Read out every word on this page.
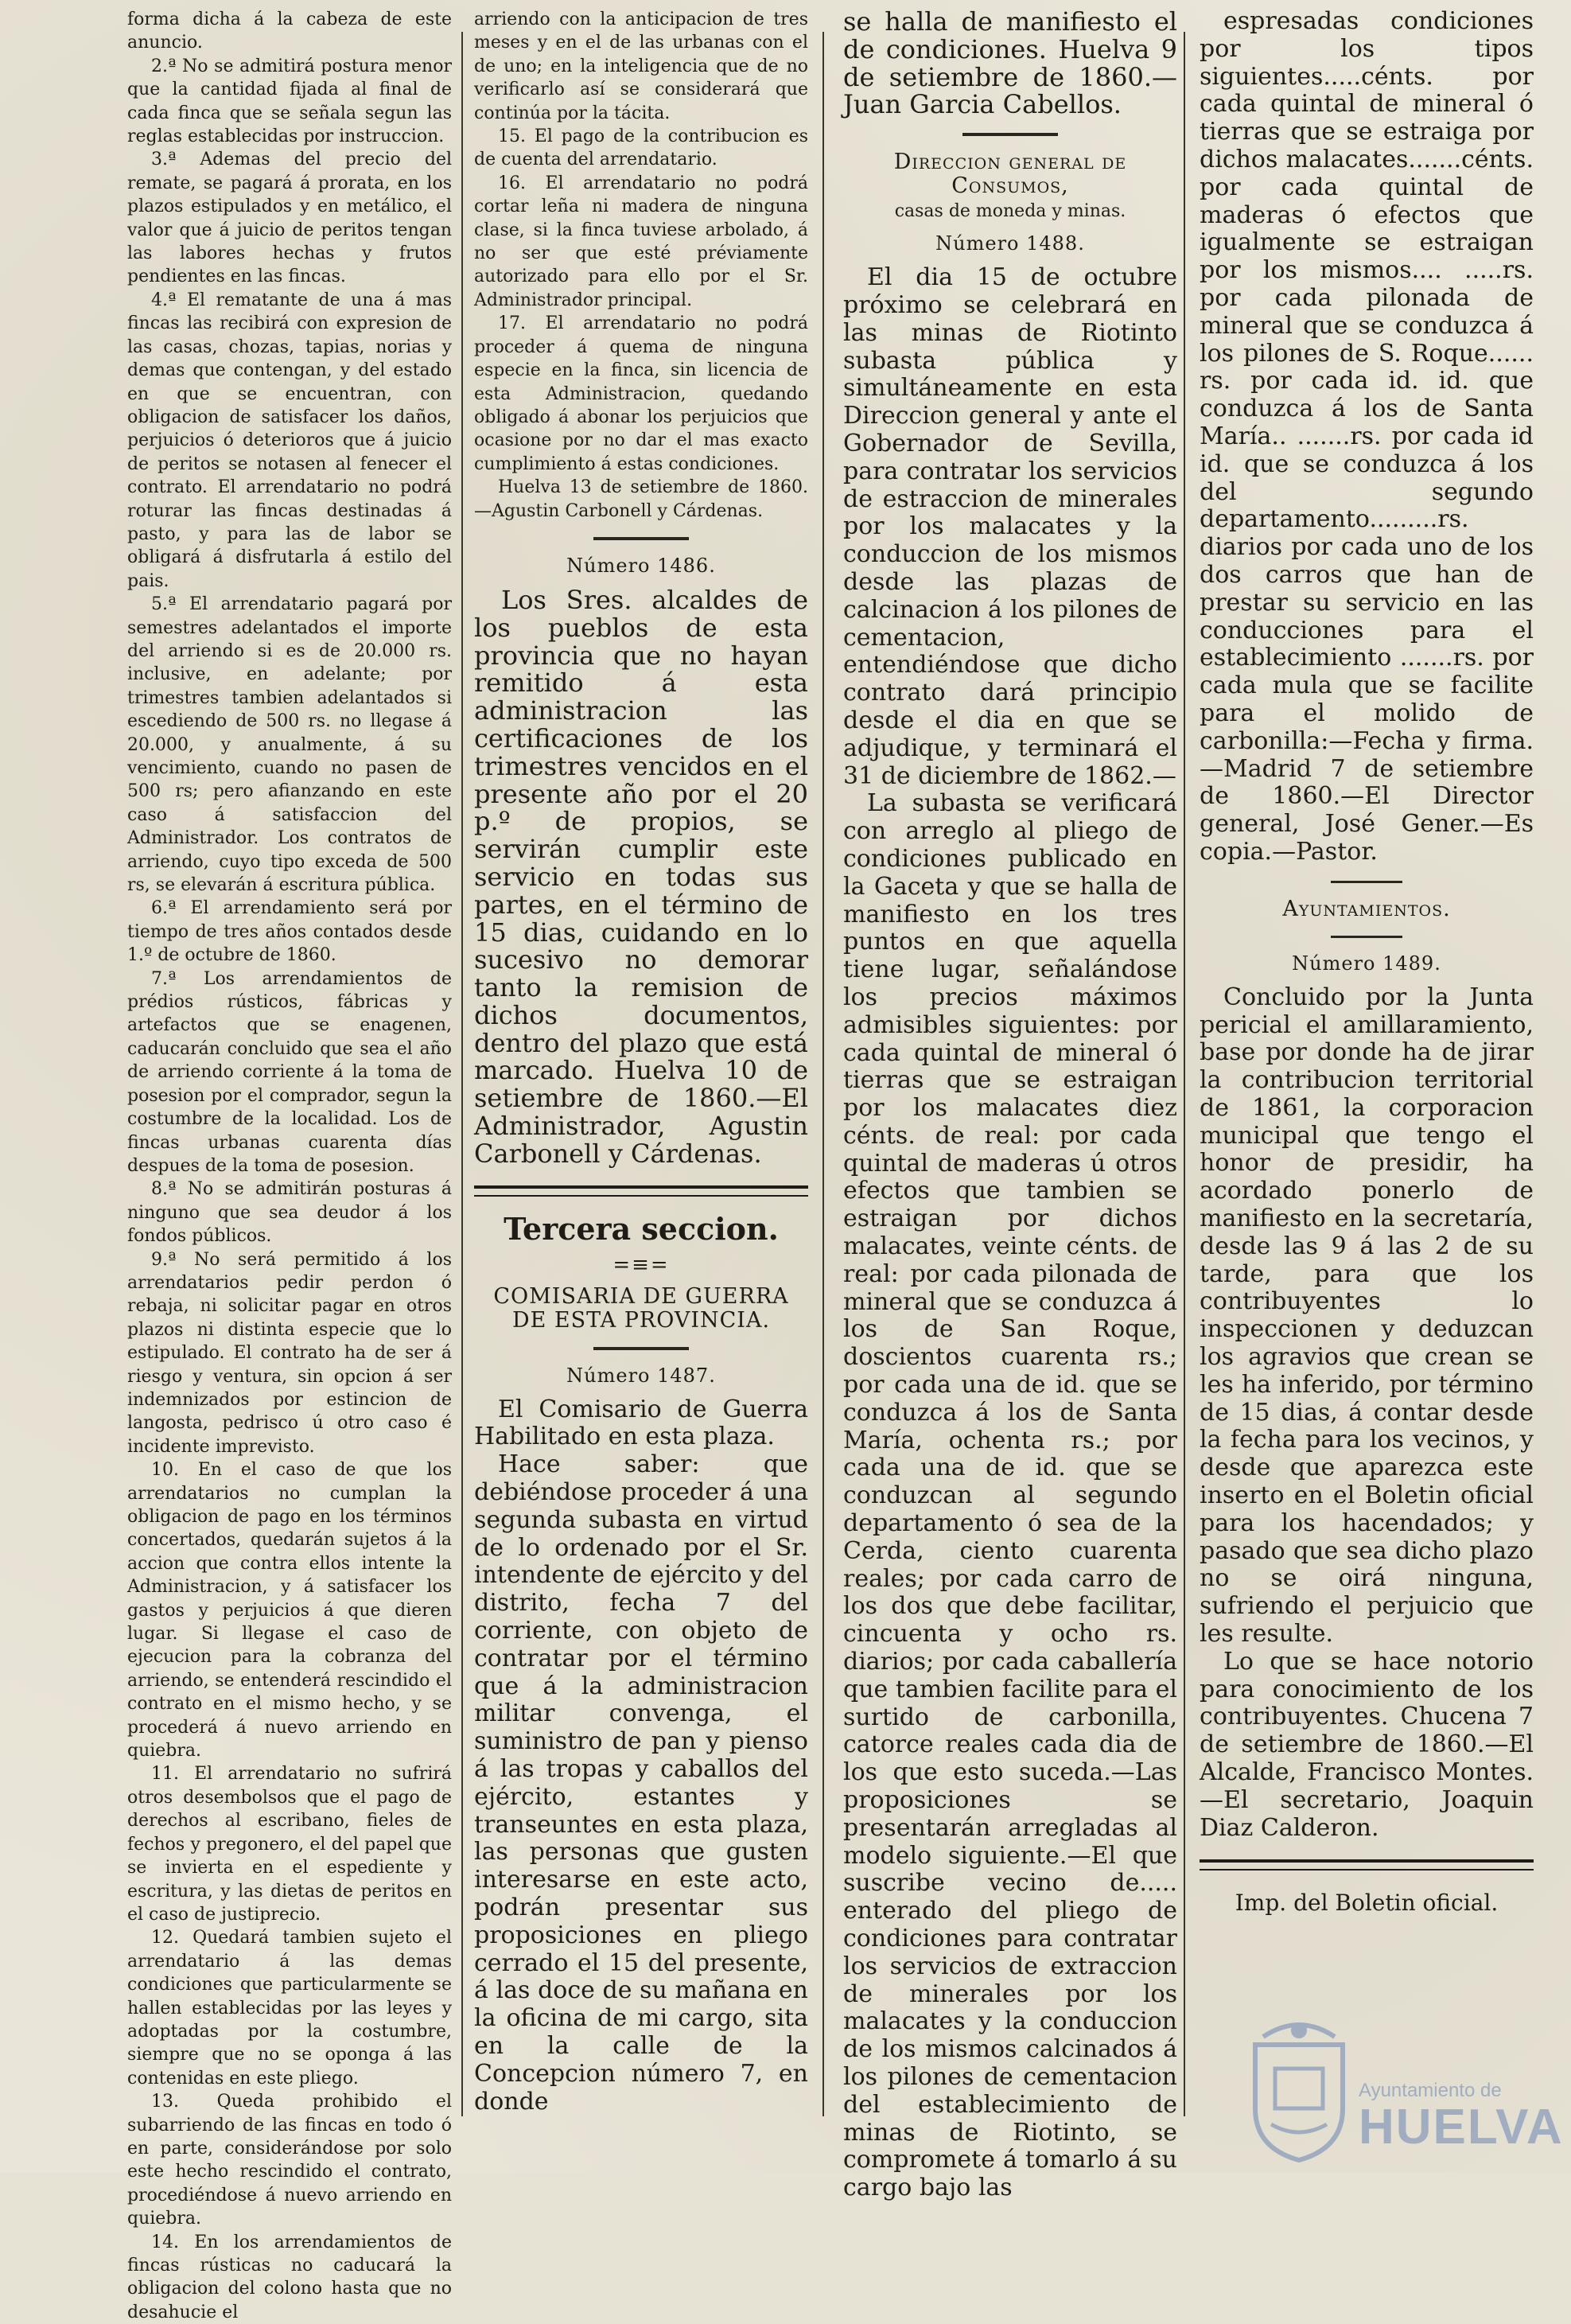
forma dicha á la cabeza de este anuncio.

2.ª No se admitirá postura menor que la cantidad fijada al final de cada finca que se señala segun las reglas establecidas por instruccion.

3.ª Ademas del precio del remate, se pagará á prorata, en los plazos estipulados y en metálico, el valor que á juicio de peritos tengan las labores hechas y frutos pendientes en las fincas.

4.ª El rematante de una á mas fincas las recibirá con expresion de las casas, chozas, tapias, norias y demas que contengan, y del estado en que se encuentran, con obligacion de satisfacer los daños, perjuicios ó deterioros que á juicio de peritos se notasen al fenecer el contrato. El arrendatario no podrá roturar las fincas destinadas á pasto, y para las de labor se obligará á disfrutarla á estilo del pais.

5.ª El arrendatario pagará por semestres adelantados el importe del arriendo si es de 20.000 rs. inclusive, en adelante; por trimestres tambien adelantados si escediendo de 500 rs. no llegase á 20.000, y anualmente, á su vencimiento, cuando no pasen de 500 rs; pero afianzando en este caso á satisfaccion del Administrador. Los contratos de arriendo, cuyo tipo exceda de 500 rs, se elevarán á escritura pública.

6.ª El arrendamiento será por tiempo de tres años contados desde 1.º de octubre de 1860.

7.ª Los arrendamientos de prédios rústicos, fábricas y artefactos que se enagenen, caducarán concluido que sea el año de arriendo corriente á la toma de posesion por el comprador, segun la costumbre de la localidad. Los de fincas urbanas cuarenta días despues de la toma de posesion.

8.ª No se admitirán posturas á ninguno que sea deudor á los fondos públicos.

9.ª No será permitido á los arrendatarios pedir perdon ó rebaja, ni solicitar pagar en otros plazos ni distinta especie que lo estipulado. El contrato ha de ser á riesgo y ventura, sin opcion á ser indemnizados por estincion de langosta, pedrisco ú otro caso é incidente imprevisto.

10. En el caso de que los arrendatarios no cumplan la obligacion de pago en los términos concertados, quedarán sujetos á la accion que contra ellos intente la Administracion, y á satisfacer los gastos y perjuicios á que dieren lugar. Si llegase el caso de ejecucion para la cobranza del arriendo, se entenderá rescindido el contrato en el mismo hecho, y se procederá á nuevo arriendo en quiebra.

11. El arrendatario no sufrirá otros desembolsos que el pago de derechos al escribano, fieles de fechos y pregonero, el del papel que se invierta en el espediente y escritura, y las dietas de peritos en el caso de justiprecio.

12. Quedará tambien sujeto el arrendatario á las demas condiciones que particularmente se hallen establecidas por las leyes y adoptadas por la costumbre, siempre que no se oponga á las contenidas en este pliego.

13. Queda prohibido el subarriendo de las fincas en todo ó en parte, considerándose por solo este hecho rescindido el contrato, procediéndose á nuevo arriendo en quiebra.

14. En los arrendamientos de fincas rústicas no caducará la obligacion del colono hasta que no desahucie el

arriendo con la anticipacion de tres meses y en el de las urbanas con el de uno; en la inteligencia que de no verificarlo así se considerará que continúa por la tácita.

15. El pago de la contribucion es de cuenta del arrendatario.

16. El arrendatario no podrá cortar leña ni madera de ninguna clase, si la finca tuviese arbolado, á no ser que esté préviamente autorizado para ello por el Sr. Administrador principal.

17. El arrendatario no podrá proceder á quema de ninguna especie en la finca, sin licencia de esta Administracion, quedando obligado á abonar los perjuicios que ocasione por no dar el mas exacto cumplimiento á estas condiciones.

Huelva 13 de setiembre de 1860. —Agustin Carbonell y Cárdenas.

Número 1486.

Los Sres. alcaldes de los pueblos de esta provincia que no hayan remitido á esta administracion las certificaciones de los trimestres vencidos en el presente año por el 20 p.º de propios, se servirán cumplir este servicio en todas sus partes, en el término de 15 dias, cuidando en lo sucesivo no demorar tanto la remision de dichos documentos, dentro del plazo que está marcado. Huelva 10 de setiembre de 1860.—El Administrador, Agustin Carbonell y Cárdenas.

Tercera seccion.
=≡=
COMISARIA DE GUERRA DE ESTA PROVINCIA.
Número 1487.

El Comisario de Guerra Habilitado en esta plaza.

Hace saber: que debiéndose proceder á una segunda subasta en virtud de lo ordenado por el Sr. intendente de ejército y del distrito, fecha 7 del corriente, con objeto de contratar por el término que á la administracion militar convenga, el suministro de pan y pienso á las tropas y caballos del ejército, estantes y transeuntes en esta plaza, las personas que gusten interesarse en este acto, podrán presentar sus proposiciones en pliego cerrado el 15 del presente, á las doce de su mañana en la oficina de mi cargo, sita en la calle de la Concepcion número 7, en donde

se halla de manifiesto el de condiciones. Huelva 9 de setiembre de 1860.—Juan Garcia Cabellos.

Direccion general de Consumos,
casas de moneda y minas.
Número 1488.

El dia 15 de octubre próximo se celebrará en las minas de Riotinto subasta pública y simultáneamente en esta Direccion general y ante el Gobernador de Sevilla, para contratar los servicios de estraccion de minerales por los malacates y la conduccion de los mismos desde las plazas de calcinacion á los pilones de cementacion, entendiéndose que dicho contrato dará principio desde el dia en que se adjudique, y terminará el 31 de diciembre de 1862.—

La subasta se verificará con arreglo al pliego de condiciones publicado en la Gaceta y que se halla de manifiesto en los tres puntos en que aquella tiene lugar, señalándose los precios máximos admisibles siguientes: por cada quintal de mineral ó tierras que se estraigan por los malacates diez cénts. de real: por cada quintal de maderas ú otros efectos que tambien se estraigan por dichos malacates, veinte cénts. de real: por cada pilonada de mineral que se conduzca á los de San Roque, doscientos cuarenta rs.; por cada una de id. que se conduzca á los de Santa María, ochenta rs.; por cada una de id. que se conduzcan al segundo departamento ó sea de la Cerda, ciento cuarenta reales; por cada carro de los dos que debe facilitar, cincuenta y ocho rs. diarios; por cada caballería que tambien facilite para el surtido de carbonilla, catorce reales cada dia de los que esto suceda.—Las proposiciones se presentarán arregladas al modelo siguiente.—El que suscribe vecino de..... enterado del pliego de condiciones para contratar los servicios de extraccion de minerales por los malacates y la conduccion de los mismos calcinados á los pilones de cementacion del establecimiento de minas de Riotinto, se compromete á tomarlo á su cargo bajo las

espresadas condiciones por los tipos siguientes.....cénts. por cada quintal de mineral ó tierras que se estraiga por dichos malacates.......cénts. por cada quintal de maderas ó efectos que igualmente se estraigan por los mismos.... .....rs. por cada pilonada de mineral que se conduzca á los pilones de S. Roque...... rs. por cada id. id. que conduzca á los de Santa María.. .......rs. por cada id id. que se conduzca á los del segundo departamento.........rs. diarios por cada uno de los dos carros que han de prestar su servicio en las conducciones para el establecimiento .......rs. por cada mula que se facilite para el molido de carbonilla:—Fecha y firma.—Madrid 7 de setiembre de 1860.—El Director general, José Gener.—Es copia.—Pastor.

Ayuntamientos.
Número 1489.

Concluido por la Junta pericial el amillaramiento, base por donde ha de jirar la contribucion territorial de 1861, la corporacion municipal que tengo el honor de presidir, ha acordado ponerlo de manifiesto en la secretaría, desde las 9 á las 2 de su tarde, para que los contribuyentes lo inspeccionen y deduzcan los agravios que crean se les ha inferido, por término de 15 dias, á contar desde la fecha para los vecinos, y desde que aparezca este inserto en el Boletin oficial para los hacendados; y pasado que sea dicho plazo no se oirá ninguna, sufriendo el perjuicio que les resulte.

Lo que se hace notorio para conocimiento de los contribuyentes. Chucena 7 de setiembre de 1860.—El Alcalde, Francisco Montes.—El secretario, Joaquin Diaz Calderon.

Imp. del Boletin oficial.
Ayuntamiento de
HUELVA
